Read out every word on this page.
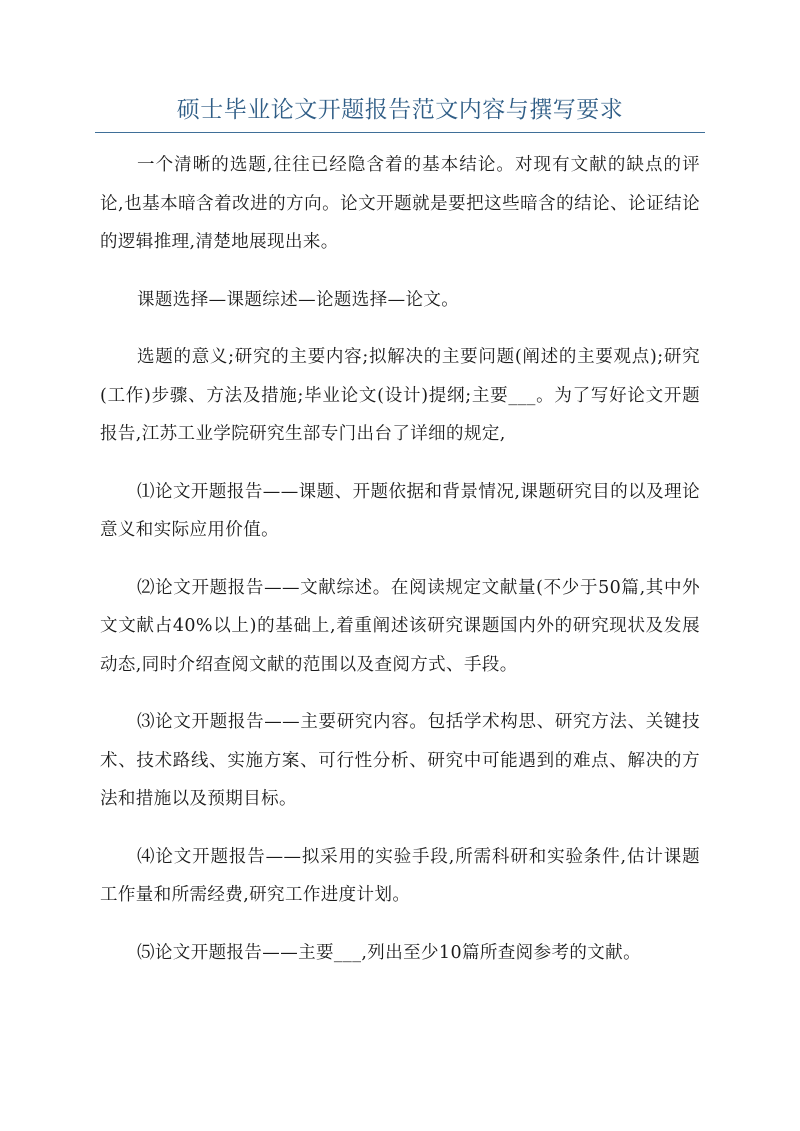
硕士毕业论文开题报告范文内容与撰写要求

一个清晰的选题,往往已经隐含着的基本结论。对现有文献的缺点的评论,也基本暗含着改进的方向。论文开题就是要把这些暗含的结论、论证结论的逻辑推理,清楚地展现出来。

课题选择—课题综述—论题选择—论文。

选题的意义;研究的主要内容;拟解决的主要问题(阐述的主要观点);研究(工作)步骤、方法及措施;毕业论文(设计)提纲;主要___。为了写好论文开题报告,江苏工业学院研究生部专门出台了详细的规定,

⑴论文开题报告——课题、开题依据和背景情况,课题研究目的以及理论意义和实际应用价值。

⑵论文开题报告——文献综述。在阅读规定文献量(不少于50篇,其中外文文献占40%以上)的基础上,着重阐述该研究课题国内外的研究现状及发展动态,同时介绍查阅文献的范围以及查阅方式、手段。

⑶论文开题报告——主要研究内容。包括学术构思、研究方法、关键技术、技术路线、实施方案、可行性分析、研究中可能遇到的难点、解决的方法和措施以及预期目标。

⑷论文开题报告——拟采用的实验手段,所需科研和实验条件,估计课题工作量和所需经费,研究工作进度计划。

⑸论文开题报告——主要___,列出至少10篇所查阅参考的文献。
